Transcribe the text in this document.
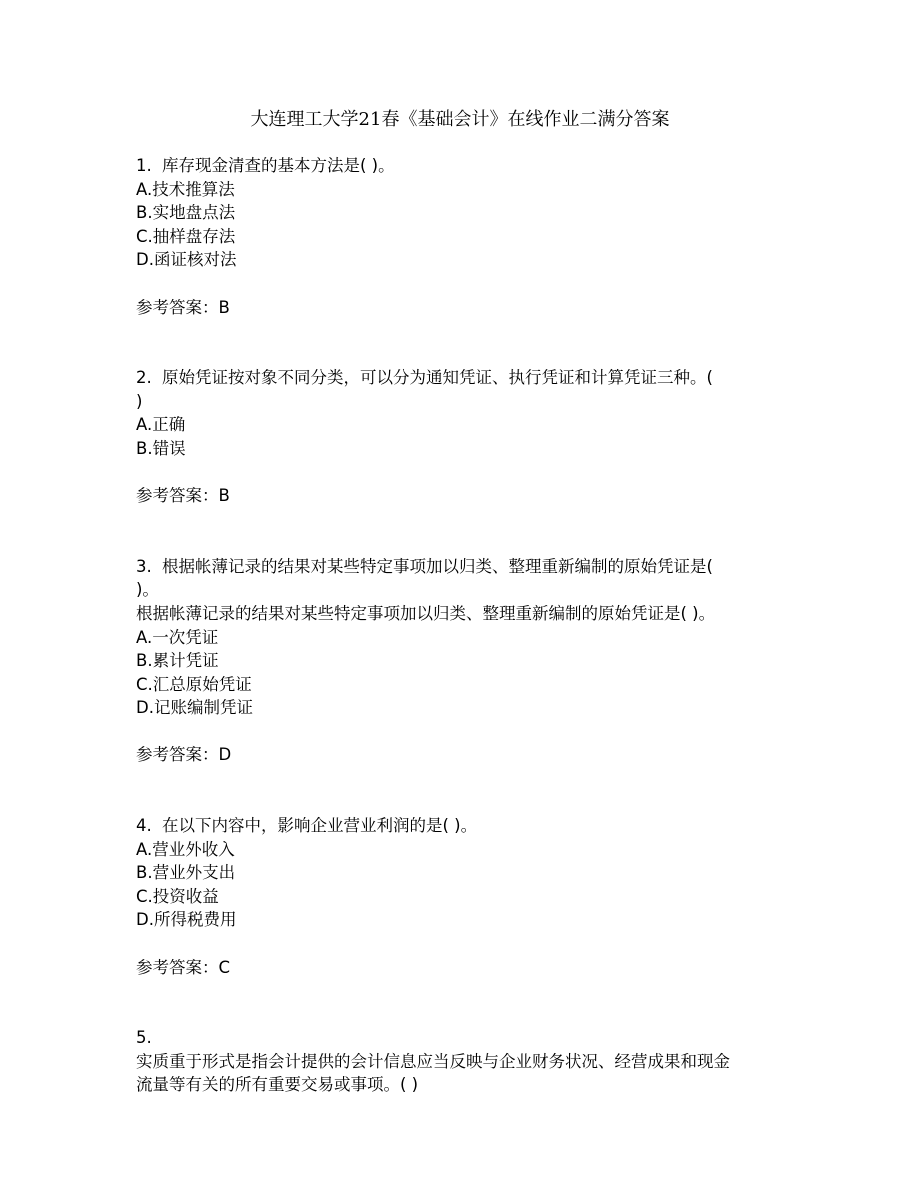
大连理工大学21春《基础会计》在线作业二满分答案
1. 库存现金清查的基本方法是( )。
A.技术推算法
B.实地盘点法
C.抽样盘存法
D.函证核对法
参考答案：B
2. 原始凭证按对象不同分类，可以分为通知凭证、执行凭证和计算凭证三种。(
)
A.正确
B.错误
参考答案：B
3. 根据帐薄记录的结果对某些特定事项加以归类、整理重新编制的原始凭证是(
)。
根据帐薄记录的结果对某些特定事项加以归类、整理重新编制的原始凭证是( )。
A.一次凭证
B.累计凭证
C.汇总原始凭证
D.记账编制凭证
参考答案：D
4. 在以下内容中，影响企业营业利润的是( )。
A.营业外收入
B.营业外支出
C.投资收益
D.所得税费用
参考答案：C
5.
实质重于形式是指会计提供的会计信息应当反映与企业财务状况、经营成果和现金
流量等有关的所有重要交易或事项。( )
